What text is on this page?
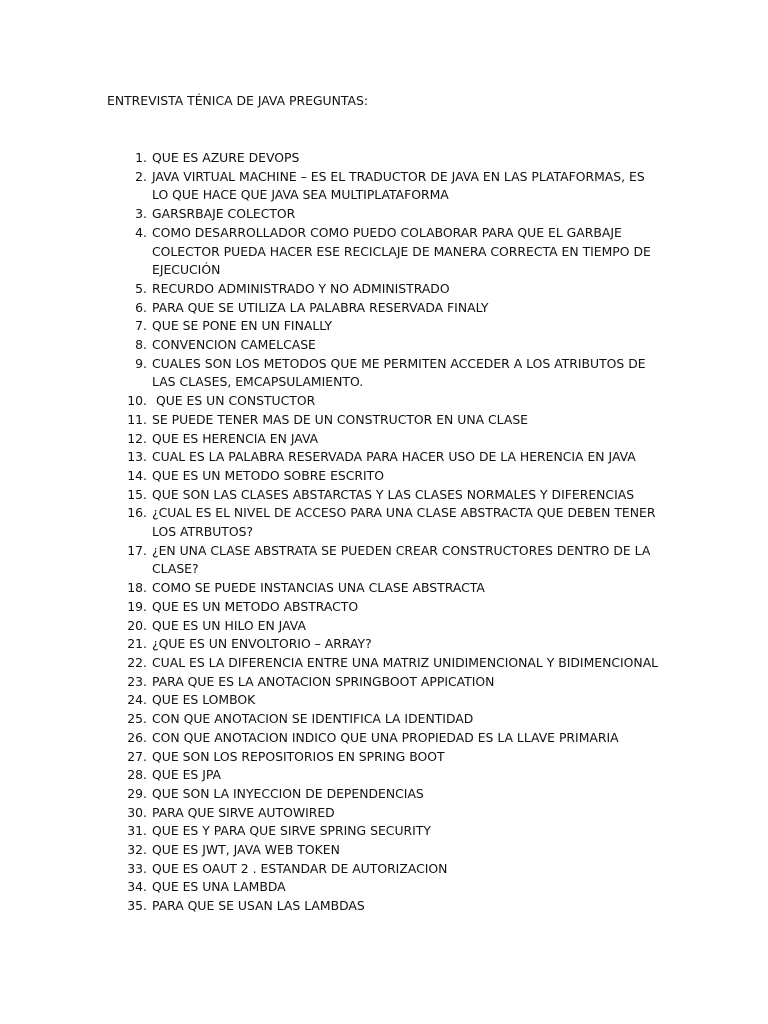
ENTREVISTA TÉNICA DE JAVA PREGUNTAS:
1. QUE ES AZURE DEVOPS
2. JAVA VIRTUAL MACHINE – ES EL TRADUCTOR DE JAVA EN LAS PLATAFORMAS, ES LO QUE HACE QUE JAVA SEA MULTIPLATAFORMA
3. GARSRBAJE COLECTOR
4. COMO DESARROLLADOR COMO PUEDO COLABORAR PARA QUE EL GARBAJE COLECTOR PUEDA HACER ESE RECICLAJE DE MANERA CORRECTA EN TIEMPO DE EJECUCIÓN
5. RECURDO ADMINISTRADO Y NO ADMINISTRADO
6. PARA QUE SE UTILIZA LA PALABRA RESERVADA FINALY
7. QUE SE PONE EN UN FINALLY
8. CONVENCION CAMELCASE
9. CUALES SON LOS METODOS QUE ME PERMITEN ACCEDER A LOS ATRIBUTOS DE LAS CLASES, EMCAPSULAMIENTO.
10. QUE ES UN CONSTUCTOR
11. SE PUEDE TENER MAS DE UN CONSTRUCTOR EN UNA CLASE
12. QUE ES HERENCIA EN JAVA
13. CUAL ES LA PALABRA RESERVADA PARA HACER USO DE LA HERENCIA EN JAVA
14. QUE ES UN METODO SOBRE ESCRITO
15. QUE SON LAS CLASES ABSTARCTAS Y LAS CLASES NORMALES Y DIFERENCIAS
16. ¿CUAL ES EL NIVEL DE ACCESO PARA UNA CLASE ABSTRACTA QUE DEBEN TENER LOS ATRBUTOS?
17. ¿EN UNA CLASE ABSTRATA SE PUEDEN CREAR CONSTRUCTORES DENTRO DE LA CLASE?
18. COMO SE PUEDE INSTANCIAS UNA CLASE ABSTRACTA
19. QUE ES UN METODO ABSTRACTO
20. QUE ES UN HILO EN JAVA
21. ¿QUE ES UN ENVOLTORIO – ARRAY?
22. CUAL ES LA DIFERENCIA ENTRE UNA MATRIZ UNIDIMENCIONAL Y BIDIMENCIONAL
23. PARA QUE ES LA ANOTACION SPRINGBOOT APPICATION
24. QUE ES LOMBOK
25. CON QUE ANOTACION SE IDENTIFICA LA IDENTIDAD
26. CON QUE ANOTACION INDICO QUE UNA PROPIEDAD ES LA LLAVE PRIMARIA
27. QUE SON LOS REPOSITORIOS EN SPRING BOOT
28. QUE ES JPA
29. QUE SON LA INYECCION DE DEPENDENCIAS
30. PARA QUE SIRVE AUTOWIRED
31. QUE ES Y PARA QUE SIRVE SPRING SECURITY
32. QUE ES JWT, JAVA WEB TOKEN
33. QUE ES OAUT 2 . ESTANDAR DE AUTORIZACION
34. QUE ES UNA LAMBDA
35. PARA QUE SE USAN LAS LAMBDAS
